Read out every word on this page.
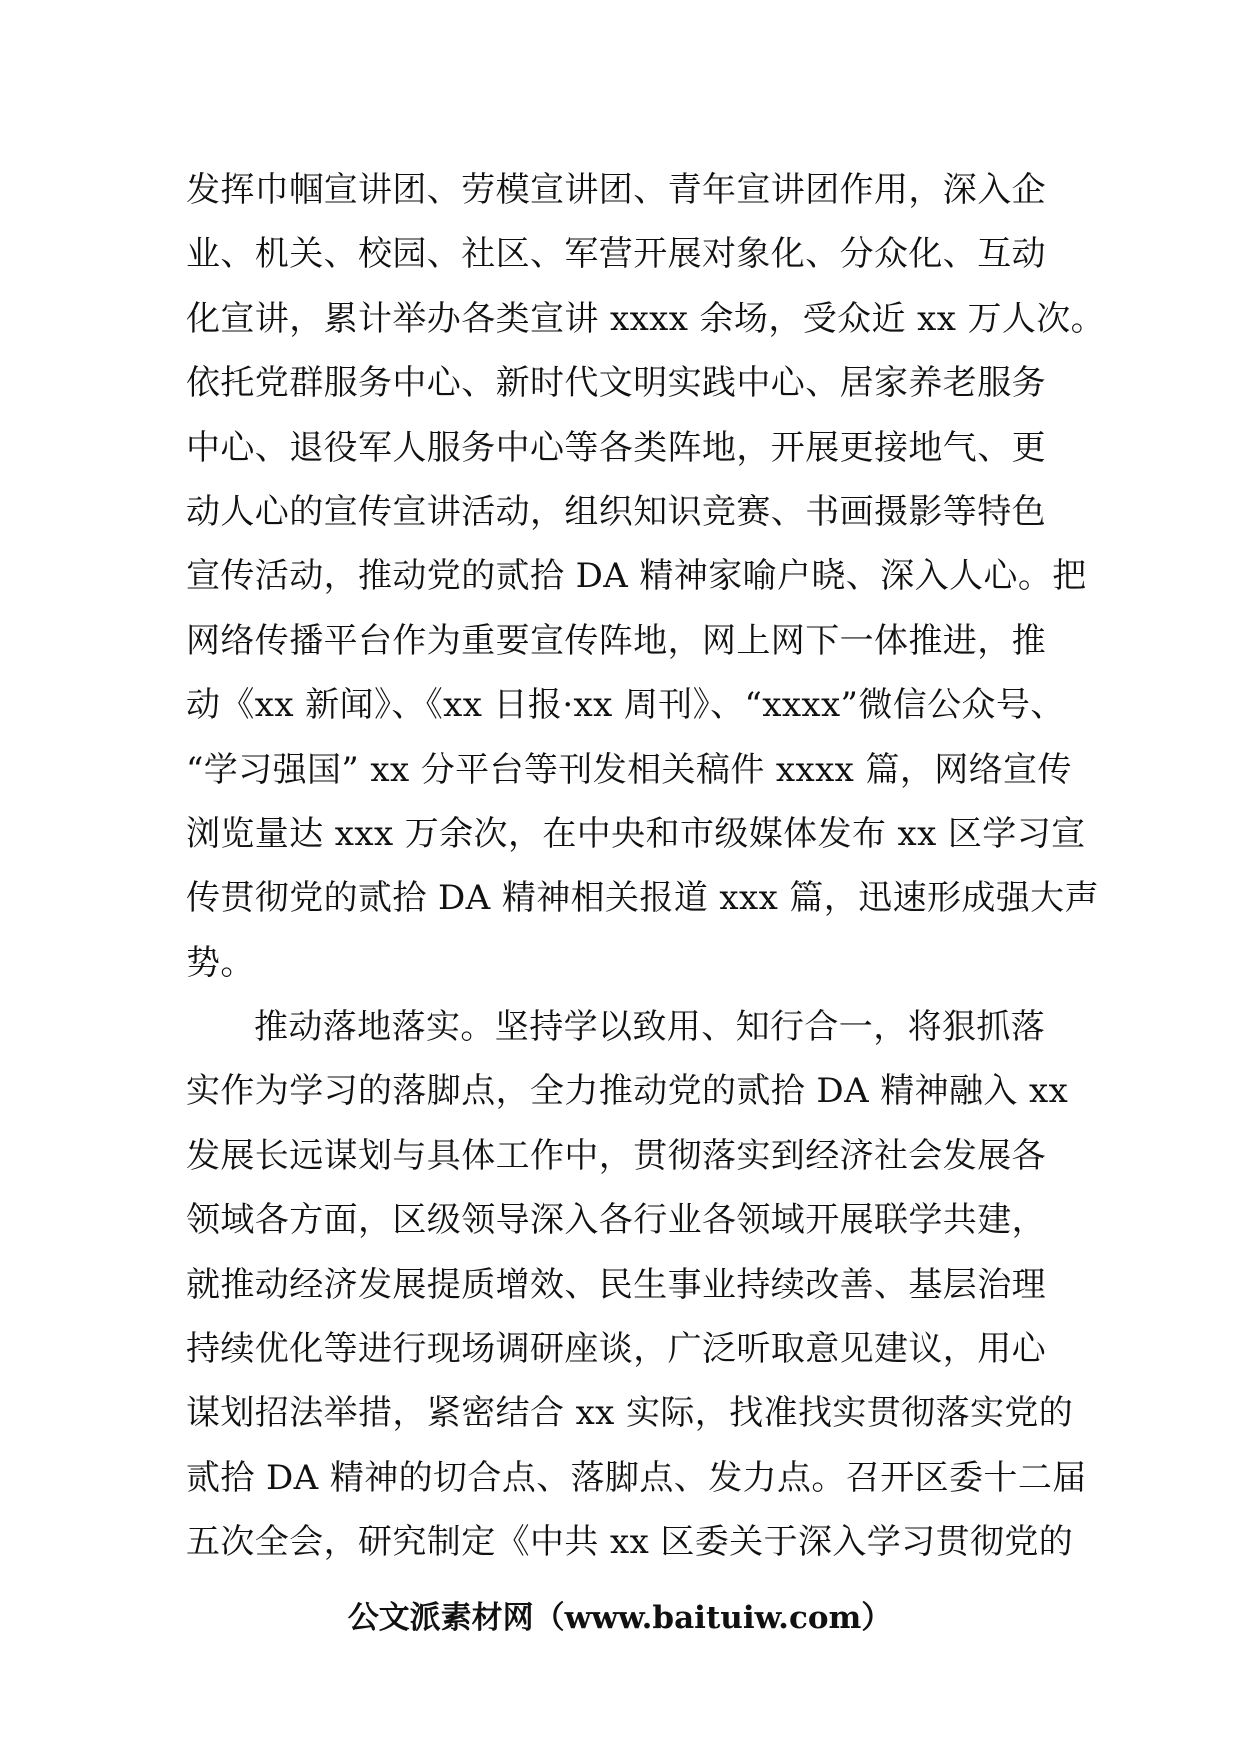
发挥巾帼宣讲团、劳模宣讲团、青年宣讲团作用，深入企
业、机关、校园、社区、军营开展对象化、分众化、互动
化宣讲，累计举办各类宣讲 xxxx 余场，受众近 xx 万人次。
依托党群服务中心、新时代文明实践中心、居家养老服务
中心、退役军人服务中心等各类阵地，开展更接地气、更
动人心的宣传宣讲活动，组织知识竞赛、书画摄影等特色
宣传活动，推动党的贰拾 DA 精神家喻户晓、深入人心。把
网络传播平台作为重要宣传阵地，网上网下一体推进，推
动《xx 新闻》、《xx 日报·xx 周刊》、“xxxx”微信公众号、
“学习强国” xx 分平台等刊发相关稿件 xxxx 篇，网络宣传
浏览量达 xxx 万余次，在中央和市级媒体发布 xx 区学习宣
传贯彻党的贰拾 DA 精神相关报道 xxx 篇，迅速形成强大声
势。
推动落地落实。坚持学以致用、知行合一，将狠抓落
实作为学习的落脚点，全力推动党的贰拾 DA 精神融入 xx
发展长远谋划与具体工作中，贯彻落实到经济社会发展各
领域各方面，区级领导深入各行业各领域开展联学共建，
就推动经济发展提质增效、民生事业持续改善、基层治理
持续优化等进行现场调研座谈，广泛听取意见建议，用心
谋划招法举措，紧密结合 xx 实际，找准找实贯彻落实党的
贰拾 DA 精神的切合点、落脚点、发力点。召开区委十二届
五次全会，研究制定《中共 xx 区委关于深入学习贯彻党的
公文派素材网（www.baituiw.com）
